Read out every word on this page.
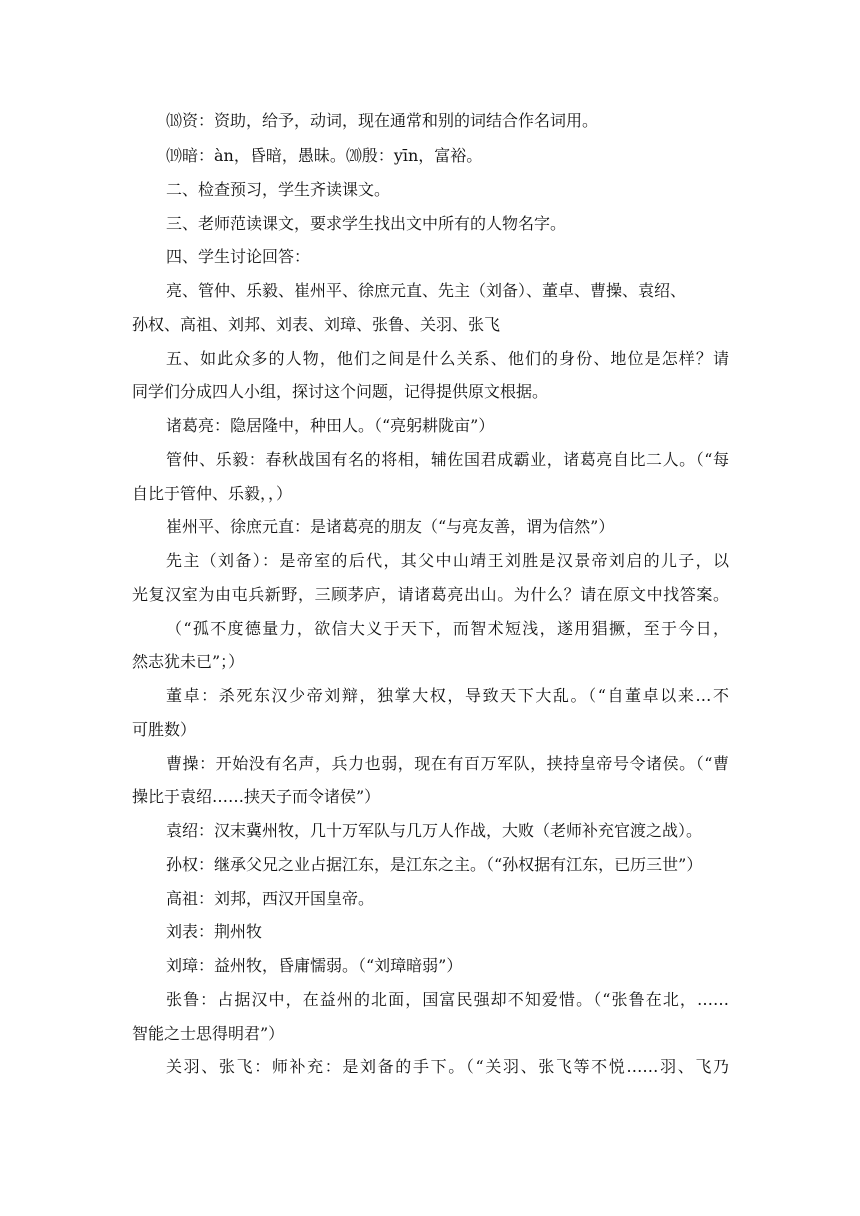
⒅资：资助，给予，动词，现在通常和别的词结合作名词用。
⒆暗：àn，昏暗，愚昧。⒇殷：yīn，富裕。
二、检查预习，学生齐读课文。
三、老师范读课文，要求学生找出文中所有的人物名字。
四、学生讨论回答：
亮、管仲、乐毅、崔州平、徐庶元直、先主（刘备）、董卓、曹操、袁绍、
孙权、高祖、刘邦、刘表、刘璋、张鲁、关羽、张飞
五、如此众多的人物，他们之间是什么关系、他们的身份、地位是怎样？请
同学们分成四人小组，探讨这个问题，记得提供原文根据。
诸葛亮：隐居隆中，种田人。（“亮躬耕陇亩”）
管仲、乐毅：春秋战国有名的将相，辅佐国君成霸业，诸葛亮自比二人。（“每
自比于管仲、乐毅，，）
崔州平、徐庶元直：是诸葛亮的朋友（“与亮友善，谓为信然”）
先主（刘备）：是帝室的后代，其父中山靖王刘胜是汉景帝刘启的儿子，以
光复汉室为由屯兵新野，三顾茅庐，请诸葛亮出山。为什么？请在原文中找答案。
（“孤不度德量力，欲信大义于天下，而智术短浅，遂用猖撅，至于今日，
然志犹未已”；）
董卓：杀死东汉少帝刘辩，独掌大权，导致天下大乱。（“自董卓以来…不
可胜数）
曹操：开始没有名声，兵力也弱，现在有百万军队，挟持皇帝号令诸侯。（“曹
操比于袁绍……挟天子而令诸侯”）
袁绍：汉末冀州牧，几十万军队与几万人作战，大败（老师补充官渡之战）。
孙权：继承父兄之业占据江东，是江东之主。（“孙权据有江东，已历三世”）
高祖：刘邦，西汉开国皇帝。
刘表：荆州牧
刘璋：益州牧，昏庸懦弱。（“刘璋暗弱”）
张鲁：占据汉中，在益州的北面，国富民强却不知爱惜。（“张鲁在北，……
智能之士思得明君”）
关羽、张飞：师补充：是刘备的手下。（“关羽、张飞等不悦……羽、飞乃
